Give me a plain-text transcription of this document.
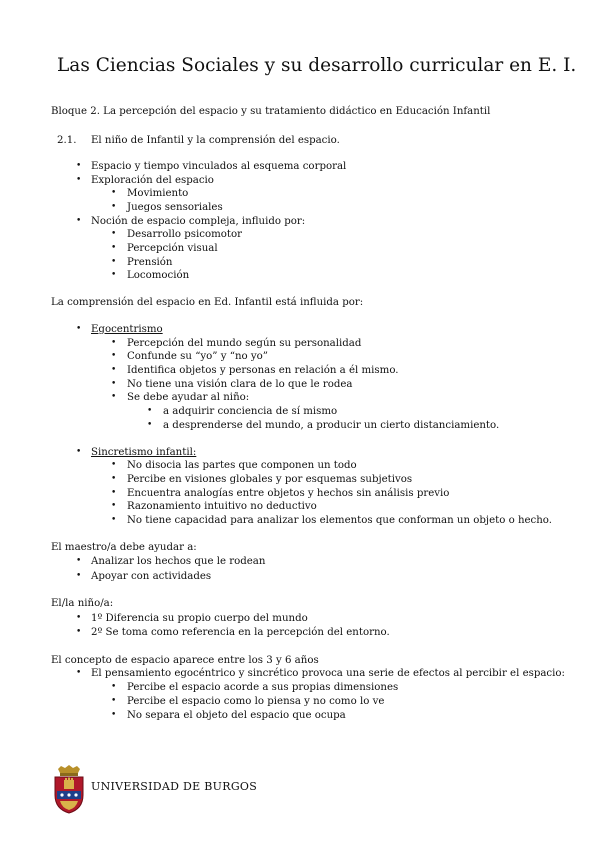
Las Ciencias Sociales y su desarrollo curricular en E. I.
Bloque 2. La percepción del espacio y su tratamiento didáctico en Educación Infantil
2.1. El niño de Infantil y la comprensión del espacio.
• Espacio y tiempo vinculados al esquema corporal
• Exploración del espacio
• Movimiento
• Juegos sensoriales
• Noción de espacio compleja, influido por:
• Desarrollo psicomotor
• Percepción visual
• Prensión
• Locomoción
La comprensión del espacio en Ed. Infantil está influida por:
• Egocentrismo
• Percepción del mundo según su personalidad
• Confunde su “yo” y “no yo”
• Identifica objetos y personas en relación a él mismo.
• No tiene una visión clara de lo que le rodea
• Se debe ayudar al niño:
• a adquirir conciencia de sí mismo
• a desprenderse del mundo, a producir un cierto distanciamiento.
• Sincretismo infantil:
• No disocia las partes que componen un todo
• Percibe en visiones globales y por esquemas subjetivos
• Encuentra analogías entre objetos y hechos sin análisis previo
• Razonamiento intuitivo no deductivo
• No tiene capacidad para analizar los elementos que conforman un objeto o hecho.
El maestro/a debe ayudar a:
• Analizar los hechos que le rodean
• Apoyar con actividades
El/la niño/a:
• 1º Diferencia su propio cuerpo del mundo
• 2º Se toma como referencia en la percepción del entorno.
El concepto de espacio aparece entre los 3 y 6 años
• El pensamiento egocéntrico y sincrético provoca una serie de efectos al percibir el espacio:
• Percibe el espacio acorde a sus propias dimensiones
• Percibe el espacio como lo piensa y no como lo ve
• No separa el objeto del espacio que ocupa
UNIVERSIDAD DE BURGOS
